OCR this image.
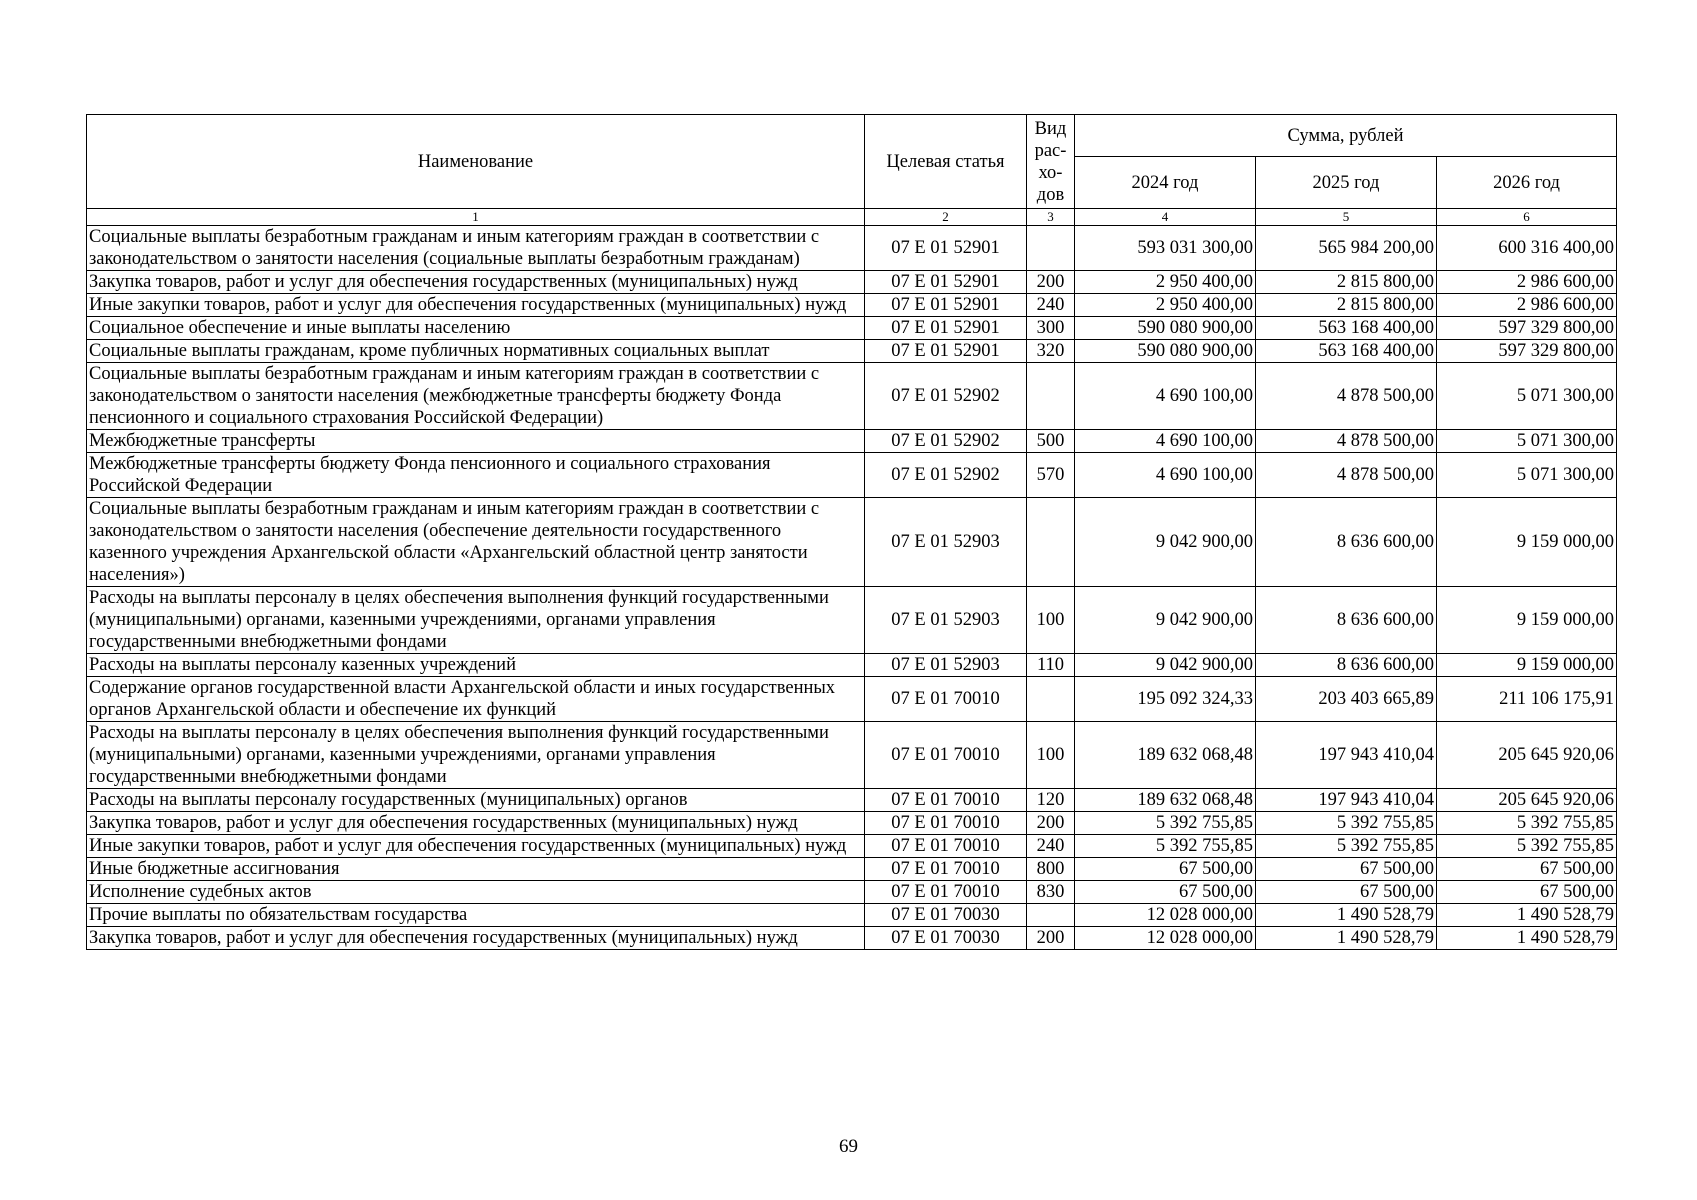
Наименование	Целевая статья	Вид рас-хо-дов	Сумма, рублей		
			2024 год	2025 год	2026 год
1	2	3	4	5	6
Социальные выплаты безработным гражданам и иным категориям граждан в соответствии с законодательством о занятости населения (социальные выплаты безработным гражданам)	07 Е 01 52901		593 031 300,00	565 984 200,00	600 316 400,00
Закупка товаров, работ и услуг для обеспечения государственных (муниципальных) нужд	07 Е 01 52901	200	2 950 400,00	2 815 800,00	2 986 600,00
Иные закупки товаров, работ и услуг для обеспечения государственных (муниципальных) нужд	07 Е 01 52901	240	2 950 400,00	2 815 800,00	2 986 600,00
Социальное обеспечение и иные выплаты населению	07 Е 01 52901	300	590 080 900,00	563 168 400,00	597 329 800,00
Социальные выплаты гражданам, кроме публичных нормативных социальных выплат	07 Е 01 52901	320	590 080 900,00	563 168 400,00	597 329 800,00
Социальные выплаты безработным гражданам и иным категориям граждан в соответствии с законодательством о занятости населения (межбюджетные трансферты бюджету Фонда пенсионного и социального страхования Российской Федерации)	07 Е 01 52902		4 690 100,00	4 878 500,00	5 071 300,00
Межбюджетные трансферты	07 Е 01 52902	500	4 690 100,00	4 878 500,00	5 071 300,00
Межбюджетные трансферты бюджету Фонда пенсионного и социального страхования Российской Федерации	07 Е 01 52902	570	4 690 100,00	4 878 500,00	5 071 300,00
Социальные выплаты безработным гражданам и иным категориям граждан в соответствии с законодательством о занятости населения (обеспечение деятельности государственного казенного учреждения Архангельской области «Архангельский областной центр занятости населения»)	07 Е 01 52903		9 042 900,00	8 636 600,00	9 159 000,00
Расходы на выплаты персоналу в целях обеспечения выполнения функций государственными (муниципальными) органами, казенными учреждениями, органами управления государственными внебюджетными фондами	07 Е 01 52903	100	9 042 900,00	8 636 600,00	9 159 000,00
Расходы на выплаты персоналу казенных учреждений	07 Е 01 52903	110	9 042 900,00	8 636 600,00	9 159 000,00
Содержание органов государственной власти Архангельской области и иных государственных органов Архангельской области и обеспечение их функций	07 Е 01 70010		195 092 324,33	203 403 665,89	211 106 175,91
Расходы на выплаты персоналу в целях обеспечения выполнения функций государственными (муниципальными) органами, казенными учреждениями, органами управления государственными внебюджетными фондами	07 Е 01 70010	100	189 632 068,48	197 943 410,04	205 645 920,06
Расходы на выплаты персоналу государственных (муниципальных) органов	07 Е 01 70010	120	189 632 068,48	197 943 410,04	205 645 920,06
Закупка товаров, работ и услуг для обеспечения государственных (муниципальных) нужд	07 Е 01 70010	200	5 392 755,85	5 392 755,85	5 392 755,85
Иные закупки товаров, работ и услуг для обеспечения государственных (муниципальных) нужд	07 Е 01 70010	240	5 392 755,85	5 392 755,85	5 392 755,85
Иные бюджетные ассигнования	07 Е 01 70010	800	67 500,00	67 500,00	67 500,00
Исполнение судебных актов	07 Е 01 70010	830	67 500,00	67 500,00	67 500,00
Прочие выплаты по обязательствам государства	07 Е 01 70030		12 028 000,00	1 490 528,79	1 490 528,79
Закупка товаров, работ и услуг для обеспечения государственных (муниципальных) нужд	07 Е 01 70030	200	12 028 000,00	1 490 528,79	1 490 528,79
69
